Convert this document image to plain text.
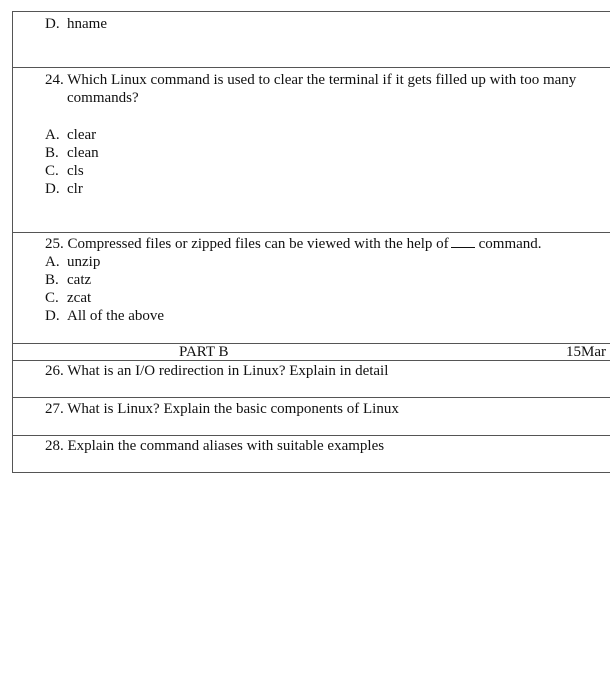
D. hname
24. Which Linux command is used to clear the terminal if it gets filled up with too many
commands?
A. clear
B. clean
C. cls
D. clr
25. Compressed files or zipped files can be viewed with the help of command.
A. unzip
B. catz
C. zcat
D. All of the above
PART B	15Mar
26. What is an I/O redirection in Linux? Explain in detail
27. What is Linux? Explain the basic components of Linux
28. Explain the command aliases with suitable examples
